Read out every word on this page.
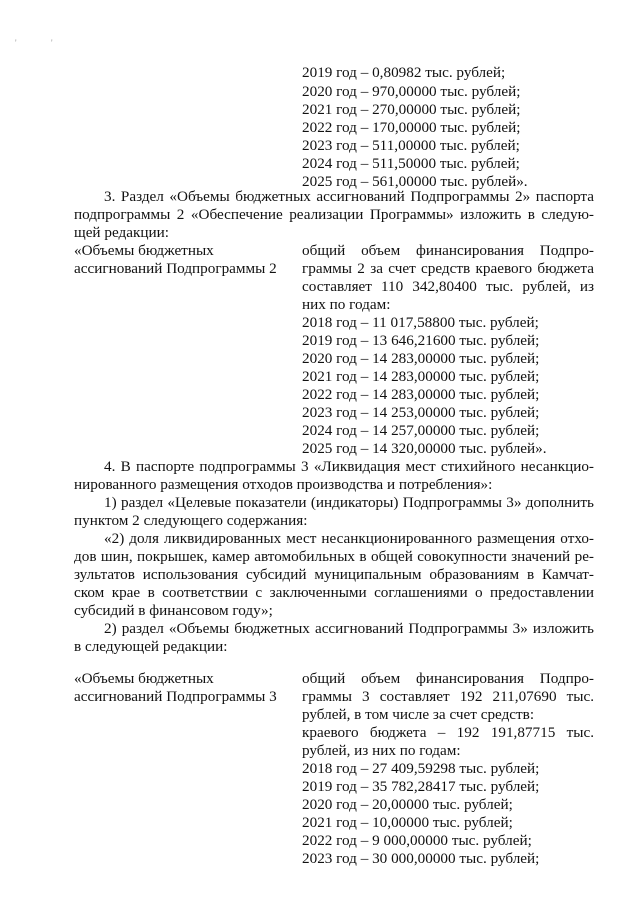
'	'

2019 год – 0,80982 тыс. рублей;

2020 год – 970,00000 тыс. рублей;

2021 год – 270,00000 тыс. рублей;

2022 год – 170,00000 тыс. рублей;

2023 год – 511,00000 тыс. рублей;

2024 год – 511,50000 тыс. рублей;

2025 год – 561,00000 тыс. рублей».

3. Раздел «Объемы бюджетных ассигнований Подпрограммы 2» паспорта

подпрограммы 2 «Обеспечение реализации Программы» изложить в следую-

щей редакции:

«Объемы бюджетных

ассигнований Подпрограммы 2

общий объем финансирования Подпро-

граммы 2 за счет средств краевого бюджета

составляет 110 342,80400 тыс. рублей, из

них по годам:

2018 год – 11 017,58800 тыс. рублей;

2019 год – 13 646,21600 тыс. рублей;

2020 год – 14 283,00000 тыс. рублей;

2021 год – 14 283,00000 тыс. рублей;

2022 год – 14 283,00000 тыс. рублей;

2023 год – 14 253,00000 тыс. рублей;

2024 год – 14 257,00000 тыс. рублей;

2025 год – 14 320,00000 тыс. рублей».

4. В паспорте подпрограммы 3 «Ликвидация мест стихийного несанкцио-

нированного размещения отходов производства и потребления»:

1) раздел «Целевые показатели (индикаторы) Подпрограммы 3» дополнить

пунктом 2 следующего содержания:

«2) доля ликвидированных мест несанкционированного размещения отхо-

дов шин, покрышек, камер автомобильных в общей совокупности значений ре-

зультатов использования субсидий муниципальным образованиям в Камчат-

ском крае в соответствии с заключенными соглашениями о предоставлении

субсидий в финансовом году»;

2) раздел «Объемы бюджетных ассигнований Подпрограммы 3» изложить

в следующей редакции:

«Объемы бюджетных

ассигнований Подпрограммы 3

общий объем финансирования Подпро-

граммы 3 составляет 192 211,07690 тыс.

рублей, в том числе за счет средств:

краевого бюджета – 192 191,87715 тыс.

рублей, из них по годам:

2018 год – 27 409,59298 тыс. рублей;

2019 год – 35 782,28417 тыс. рублей;

2020 год – 20,00000 тыс. рублей;

2021 год – 10,00000 тыс. рублей;

2022 год – 9 000,00000 тыс. рублей;

2023 год – 30 000,00000 тыс. рублей;
